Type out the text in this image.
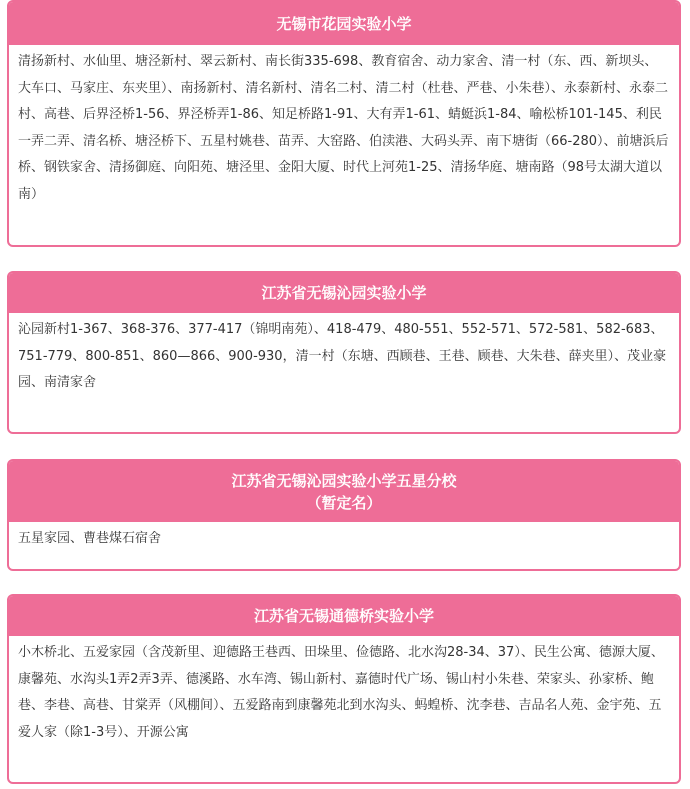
无锡市花园实验小学
清扬新村、水仙里、塘泾新村、翠云新村、南长街335-698、教育宿舍、动力家舍、清一村（东、西、新坝头、大车口、马家庄、东夹里）、南扬新村、清名新村、清名二村、清二村（杜巷、严巷、小朱巷）、永泰新村、永泰二村、高巷、后界泾桥1-56、界泾桥弄1-86、知足桥路1-91、大有弄1-61、蜻蜓浜1-84、喻松桥101-145、利民一弄二弄、清名桥、塘泾桥下、五星村姚巷、苗弄、大窑路、伯渎港、大码头弄、南下塘街（66-280）、前塘浜后桥、钢铁家舍、清扬御庭、向阳苑、塘泾里、金阳大厦、时代上河苑1-25、清扬华庭、塘南路（98号太湖大道以南）
江苏省无锡沁园实验小学
沁园新村1-367、368-376、377-417（锦明南苑）、418-479、480-551、552-571、572-581、582-683、751-779、800-851、860—866、900-930，清一村（东塘、西顾巷、王巷、顾巷、大朱巷、薛夹里）、茂业豪园、南清家舍
江苏省无锡沁园实验小学五星分校
（暂定名）
五星家园、曹巷煤石宿舍
江苏省无锡通德桥实验小学
小木桥北、五爱家园（含茂新里、迎德路王巷西、田垛里、俭德路、北水沟28-34、37）、民生公寓、德源大厦、康馨苑、水沟头1弄2弄3弄、德溪路、水车湾、锡山新村、嘉德时代广场、锡山村小朱巷、荣家头、孙家桥、鲍巷、李巷、高巷、甘棠弄（风棚间）、五爱路南到康馨苑北到水沟头、蚂蝗桥、沈李巷、吉品名人苑、金宇苑、五爱人家（除1-3号）、开源公寓
